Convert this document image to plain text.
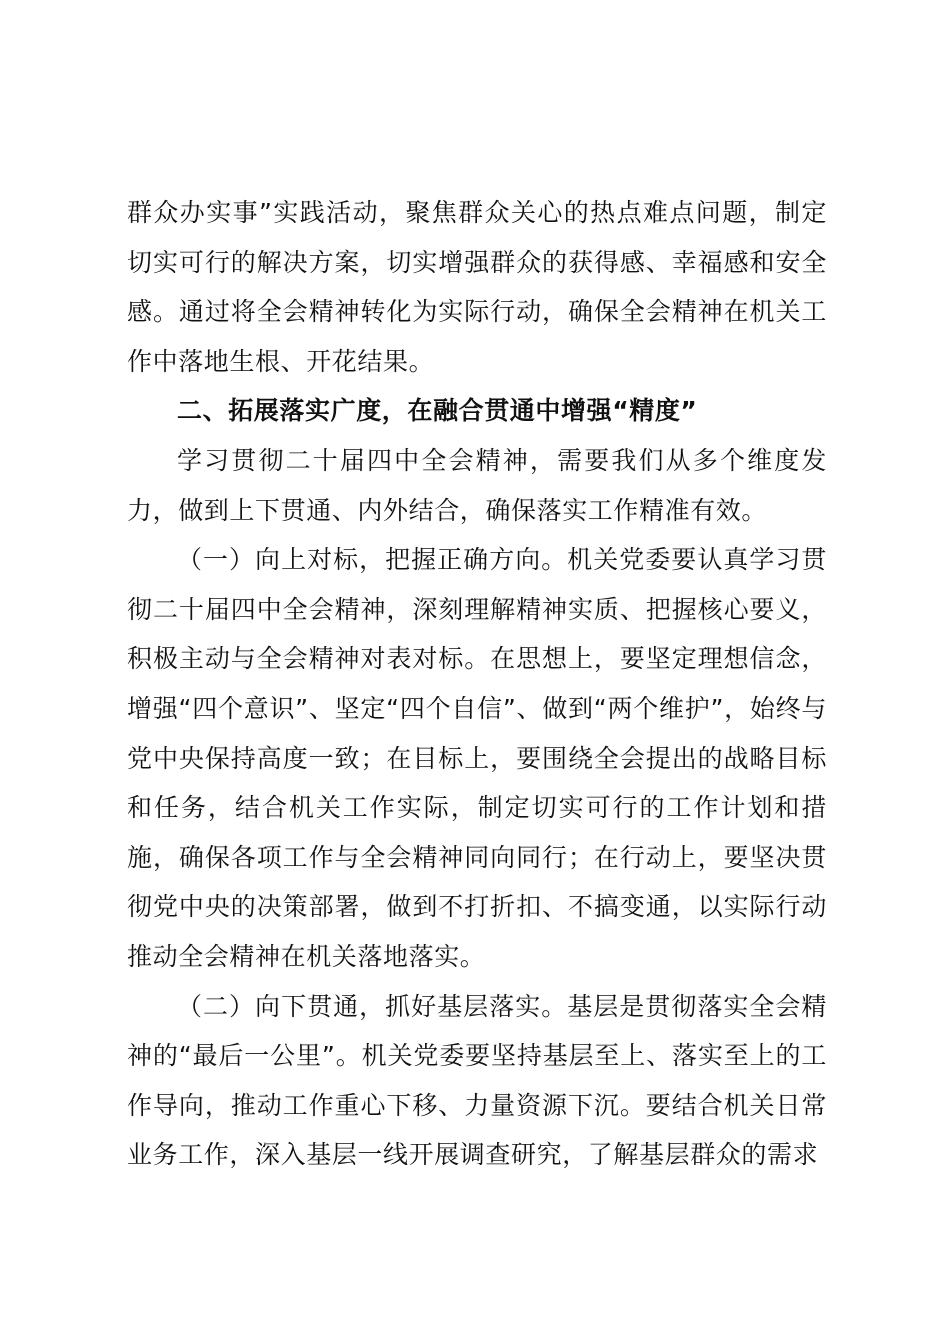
群众办实事”实践活动，聚焦群众关心的热点难点问题，制定切实可行的解决方案，切实增强群众的获得感、幸福感和安全感。通过将全会精神转化为实际行动，确保全会精神在机关工作中落地生根、开花结果。

二、拓展落实广度，在融合贯通中增强“精度”

学习贯彻二十届四中全会精神，需要我们从多个维度发力，做到上下贯通、内外结合，确保落实工作精准有效。

（一）向上对标，把握正确方向。机关党委要认真学习贯彻二十届四中全会精神，深刻理解精神实质、把握核心要义，积极主动与全会精神对表对标。在思想上，要坚定理想信念，增强“四个意识”、坚定“四个自信”、做到“两个维护”，始终与党中央保持高度一致；在目标上，要围绕全会提出的战略目标和任务，结合机关工作实际，制定切实可行的工作计划和措施，确保各项工作与全会精神同向同行；在行动上，要坚决贯彻党中央的决策部署，做到不打折扣、不搞变通，以实际行动推动全会精神在机关落地落实。

（二）向下贯通，抓好基层落实。基层是贯彻落实全会精神的“最后一公里”。机关党委要坚持基层至上、落实至上的工作导向，推动工作重心下移、力量资源下沉。要结合机关日常业务工作，深入基层一线开展调查研究，了解基层群众的需求
